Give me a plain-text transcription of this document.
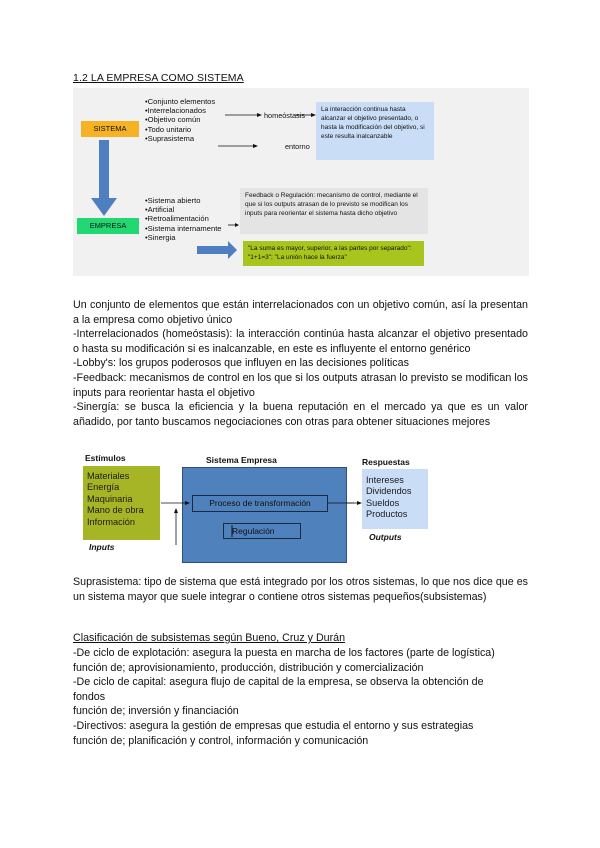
1.2 LA EMPRESA COMO SISTEMA
SISTEMA
EMPRESA
•Conjunto elementos
•Interrelacionados
•Objetivo común
•Todo unitario
•Suprasistema
homeóstasis
entorno
La interacción continua hasta alcanzar el objetivo presentado, o hasta la modificación del objetivo, si este resulta inalcanzable
•Sistema abierto
•Artificial
•Retroalimentación
•Sistema internamente
•Sinergia
Feedback o Regulación: mecanismo de control, mediante el que si los outputs atrasan de lo previsto se modifican los inputs para reorientar el sistema hasta dicho objetivo
"La suma es mayor, superior, a las partes por separado": "1+1=3"; "La unión hace la fuerza"
Un conjunto de elementos que están interrelacionados con un objetivo común, así la presentan a la empresa como objetivo único
-Interrelacionados (homeóstasis): la interacción continúa hasta alcanzar el objetivo presentado o hasta su modificación si es inalcanzable, en este es influyente el entorno genérico
-Lobby's: los grupos poderosos que influyen en las decisiones políticas
-Feedback: mecanismos de control en los que si los outputs atrasan lo previsto se modifican los inputs para reorientar hasta el objetivo
-Sinergía: se busca la eficiencia y la buena reputación en el mercado ya que es un valor añadido, por tanto buscamos negociaciones con otras para obtener situaciones mejores
Estímulos
Materiales
Energía
Maquinaria
Mano de obra
Información
Inputs
Sistema Empresa
Proceso de transformación
Regulación
Respuestas
Intereses
Dividendos
Sueldos
Productos
Outputs
Suprasistema: tipo de sistema que está integrado por los otros sistemas, lo que nos dice que es un sistema mayor que suele integrar o contiene otros sistemas pequeños(subsistemas)
Clasificación de subsistemas según Bueno, Cruz y Durán
-De ciclo de explotación: asegura la puesta en marcha de los factores (parte de logística)
función de; aprovisionamiento, producción, distribución y comercialización
-De ciclo de capital: asegura flujo de capital de la empresa, se observa la obtención de
fondos
función de; inversión y financiación
-Directivos: asegura la gestión de empresas que estudia el entorno y sus estrategias
función de; planificación y control, información y comunicación
